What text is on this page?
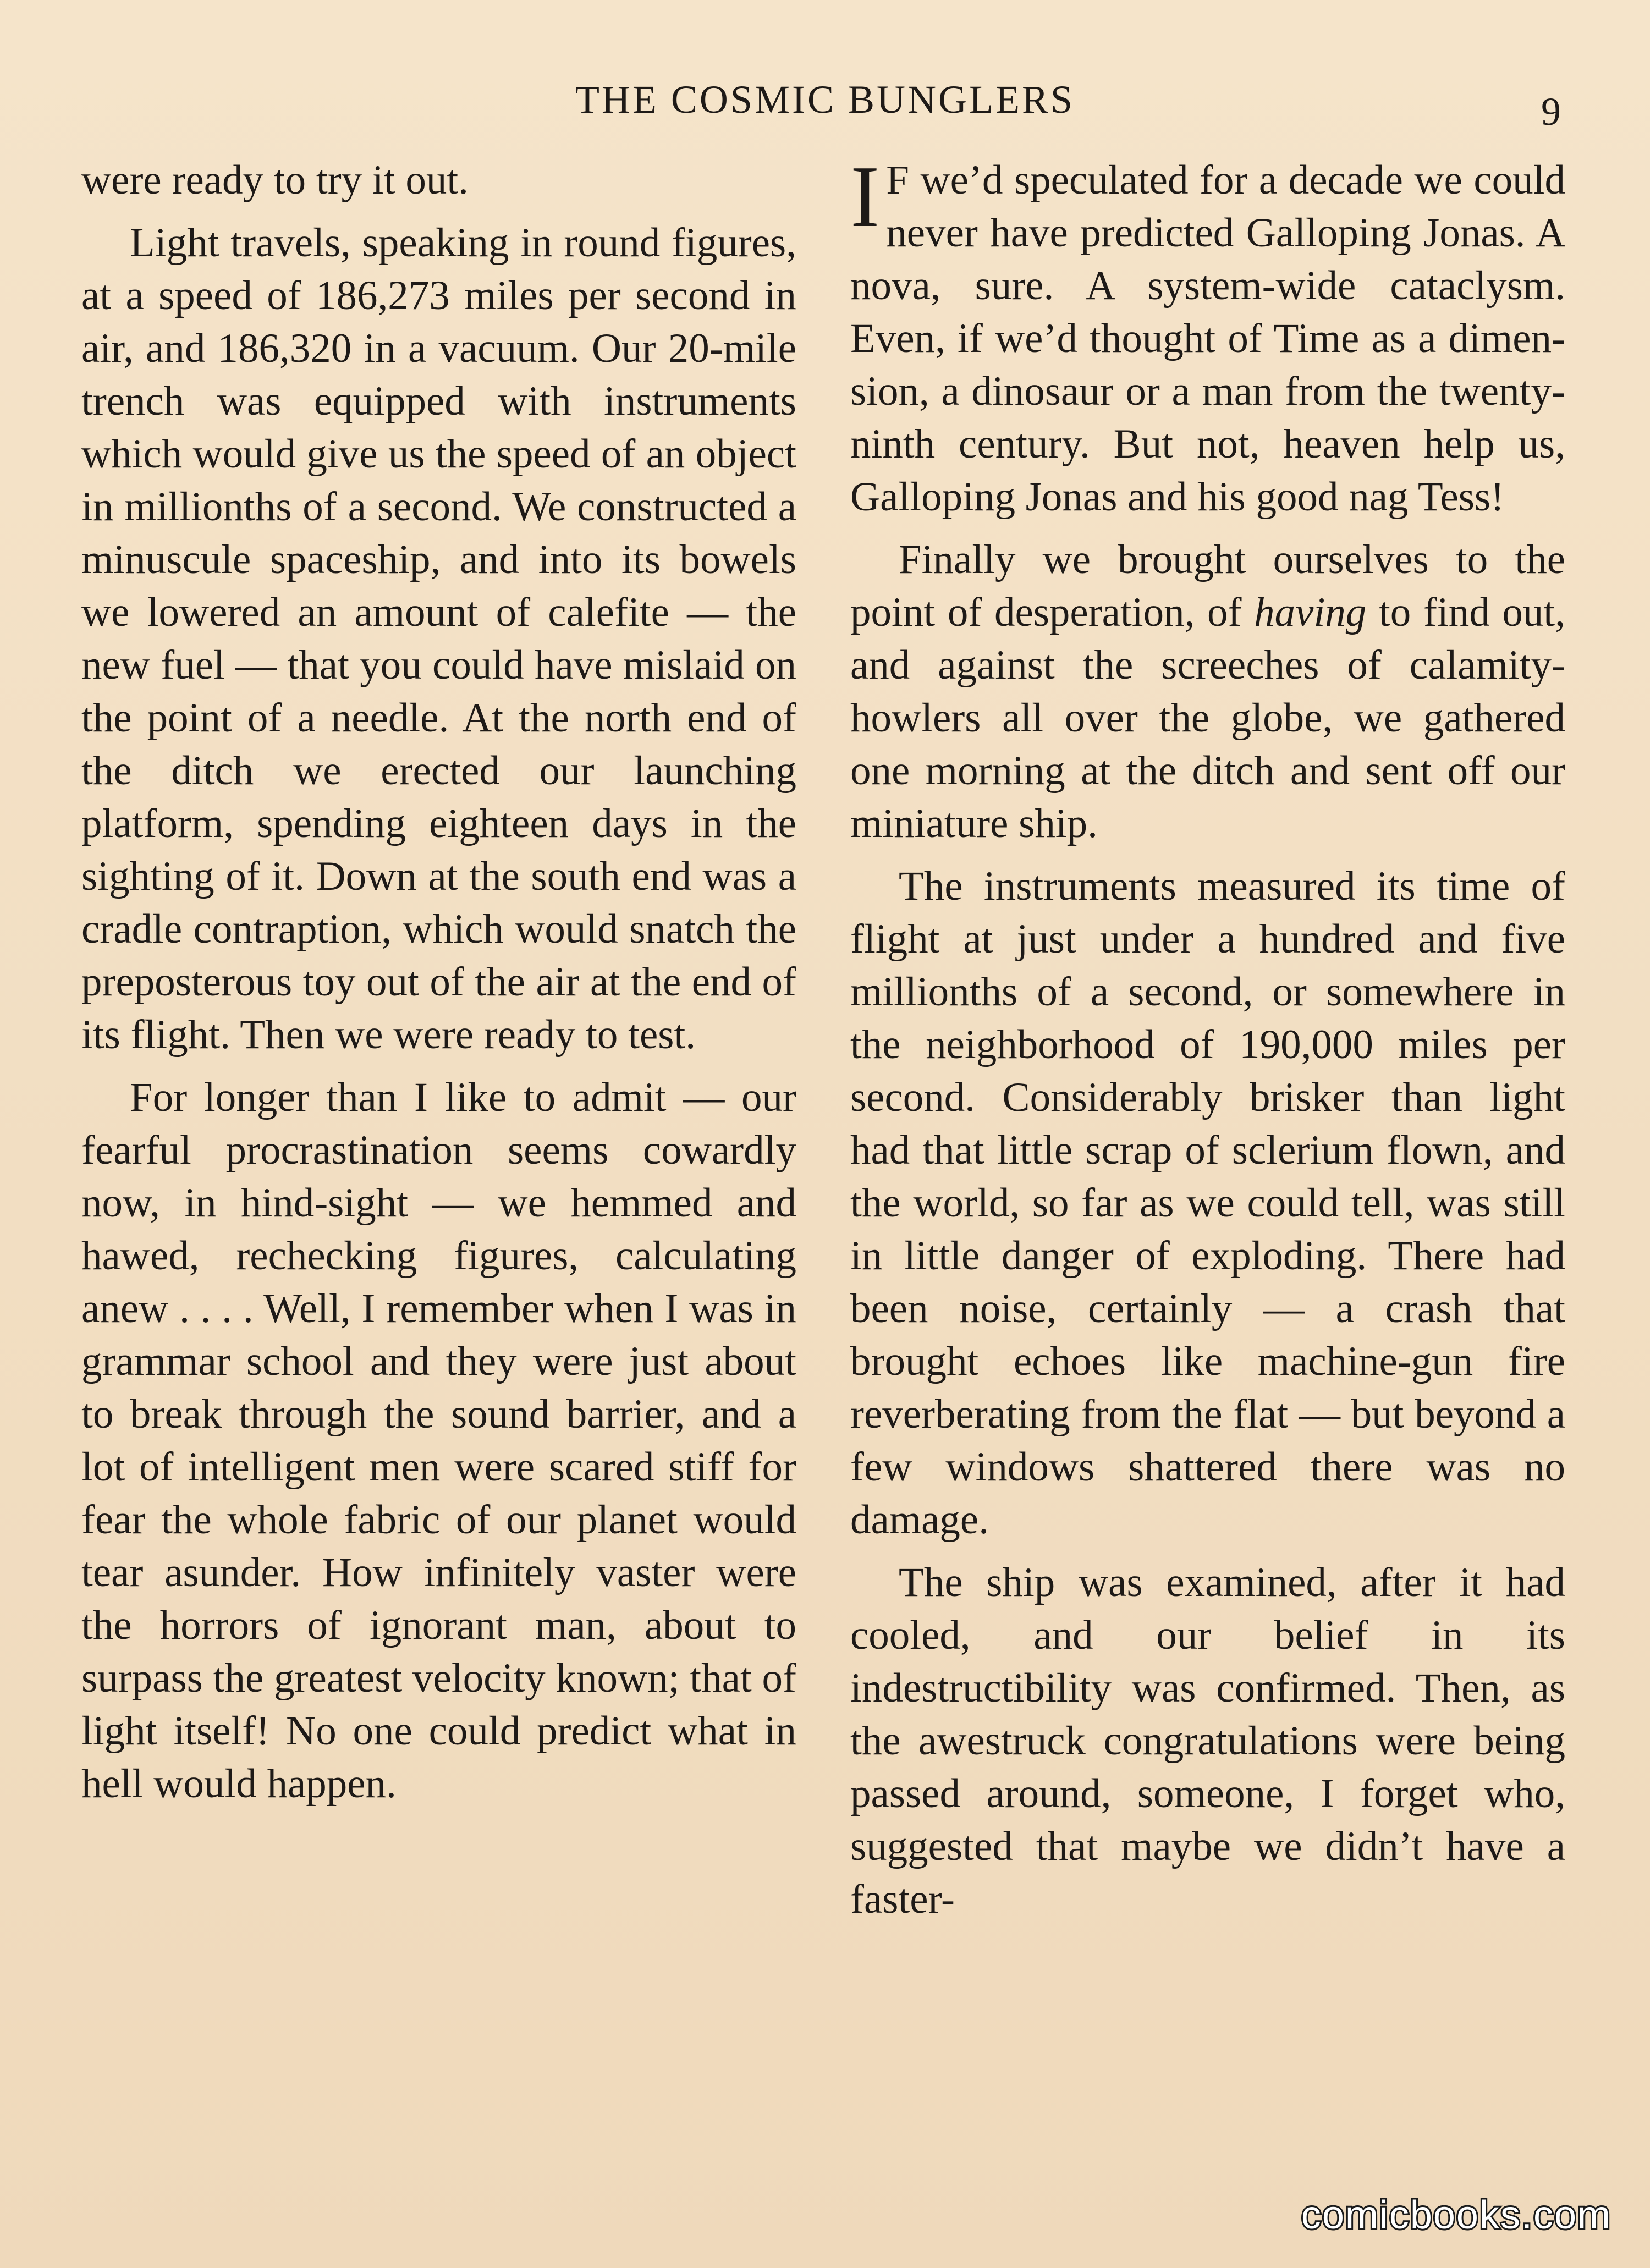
THE COSMIC BUNGLERS	9

were ready to try it out.

Light travels, speaking in round figures, at a speed of 186,273 miles per second in air, and 186,320 in a vacuum. Our 20-mile trench was equipped with instruments which would give us the speed of an object in millionths of a second. We constructed a minuscule spaceship, and into its bowels we lowered an amount of calefite — the new fuel — that you could have mislaid on the point of a needle. At the north end of the ditch we erected our launching platform, spending eighteen days in the sighting of it. Down at the south end was a cradle contraption, which would snatch the preposterous toy out of the air at the end of its flight. Then we were ready to test.

For longer than I like to admit — our fearful procrastination seems cowardly now, in hind-sight — we hemmed and hawed, rechecking figures, calculating anew . . . . Well, I remember when I was in grammar school and they were just about to break through the sound barrier, and a lot of intelligent men were scared stiff for fear the whole fabric of our planet would tear asunder. How infinitely vaster were the horrors of ignorant man, about to surpass the greatest velocity known; that of light itself! No one could predict what in hell would happen.

I F we’d speculated for a decade we could never have predicted Galloping Jonas. A nova, sure. A system-wide cataclysm. Even, if we’d thought of Time as a dimension, a dinosaur or a man from the twenty-ninth century. But not, heaven help us, Galloping Jonas and his good nag Tess!

Finally we brought ourselves to the point of desperation, of having to find out, and against the screeches of calamity-howlers all over the globe, we gathered one morning at the ditch and sent off our miniature ship.

The instruments measured its time of flight at just under a hundred and five millionths of a second, or somewhere in the neighborhood of 190,000 miles per second. Considerably brisker than light had that little scrap of sclerium flown, and the world, so far as we could tell, was still in little danger of exploding. There had been noise, certainly — a crash that brought echoes like machine-gun fire reverberating from the flat — but beyond a few windows shattered there was no damage.

The ship was examined, after it had cooled, and our belief in its indestructibility was confirmed. Then, as the awestruck congratulations were being passed around, someone, I forget who, suggested that maybe we didn’t have a faster-

comicbooks.com
